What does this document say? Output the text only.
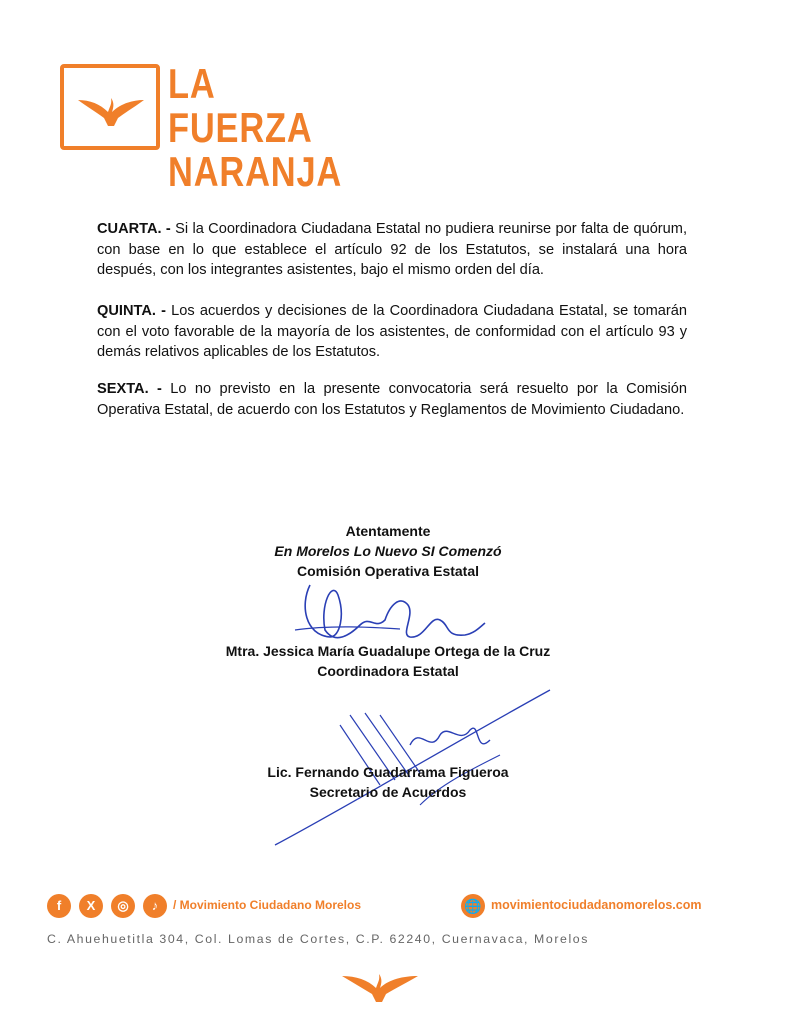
LA FUERZA
NARANJA
CUARTA. - Si la Coordinadora Ciudadana Estatal no pudiera reunirse por falta de quórum, con base en lo que establece el artículo 92 de los Estatutos, se instalará una hora después, con los integrantes asistentes, bajo el mismo orden del día.
QUINTA. - Los acuerdos y decisiones de la Coordinadora Ciudadana Estatal, se tomarán con el voto favorable de la mayoría de los asistentes, de conformidad con el artículo 93 y demás relativos aplicables de los Estatutos.
SEXTA. - Lo no previsto en la presente convocatoria será resuelto por la Comisión Operativa Estatal, de acuerdo con los Estatutos y Reglamentos de Movimiento Ciudadano.
Atentamente
En Morelos Lo Nuevo SI Comenzó
Comisión Operativa Estatal
Mtra. Jessica María Guadalupe Ortega de la Cruz
Coordinadora Estatal
Lic. Fernando Guadarrama Figueroa
Secretario de Acuerdos
f	X	◎	♪	/ Movimiento Ciudadano Morelos	🌐 movimientociudadanomorelos.com
C. Ahuehuetitla 304, Col. Lomas de Cortes, C.P. 62240, Cuernavaca, Morelos
